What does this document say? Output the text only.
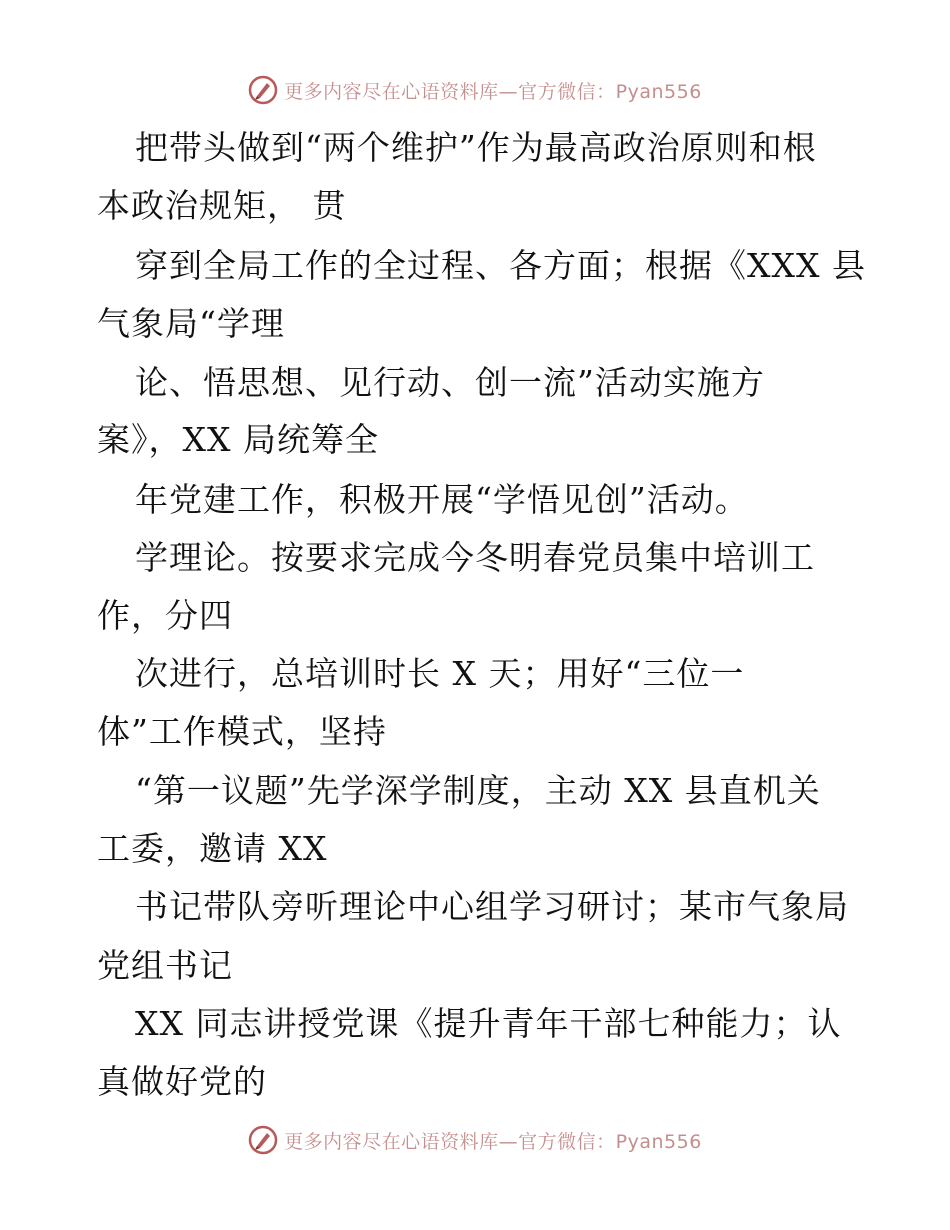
更多内容尽在心语资料库—官方微信：Pyan556
把带头做到“两个维护”作为最高政治原则和根
本政治规矩， 贯
穿到全局工作的全过程、各方面；根据《XXX 县
气象局“学理
论、悟思想、见行动、创一流”活动实施方
案》，XX 局统筹全
年党建工作，积极开展“学悟见创”活动。
学理论。按要求完成今冬明春党员集中培训工
作，分四
次进行，总培训时长 X 天；用好“三位一
体”工作模式，坚持
“第一议题”先学深学制度，主动 XX 县直机关
工委，邀请 XX
书记带队旁听理论中心组学习研讨；某市气象局
党组书记
XX 同志讲授党课《提升青年干部七种能力；认
真做好党的
更多内容尽在心语资料库—官方微信：Pyan556
